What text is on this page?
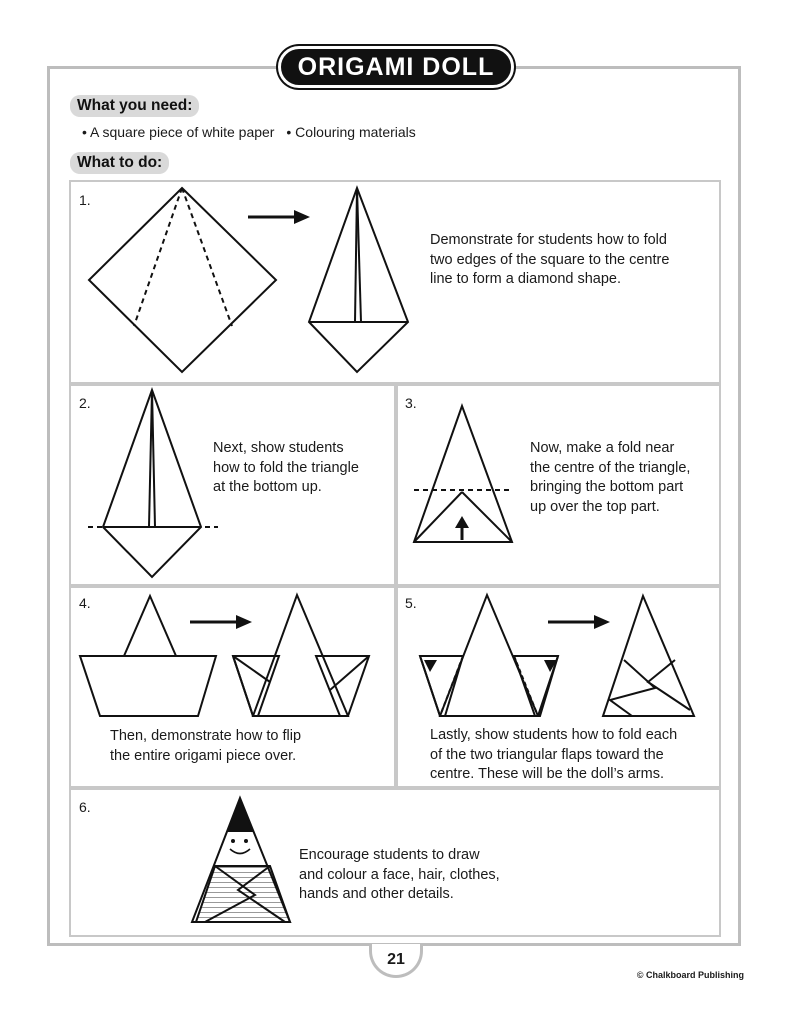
ORIGAMI DOLL
What you need:
• A square piece of white paper • Colouring materials
What to do:
1.
Demonstrate for students how to fold
two edges of the square to the centre
line to form a diamond shape.
2.
Next, show students
how to fold the triangle
at the bottom up.
3.
Now, make a fold near
the centre of the triangle,
bringing the bottom part
up over the top part.
4.
Then, demonstrate how to flip
the entire origami piece over.
5.
Lastly, show students how to fold each
of the two triangular flaps toward the
centre. These will be the doll’s arms.
6.
Encourage students to draw
and colour a face, hair, clothes,
hands and other details.
21
© Chalkboard Publishing
